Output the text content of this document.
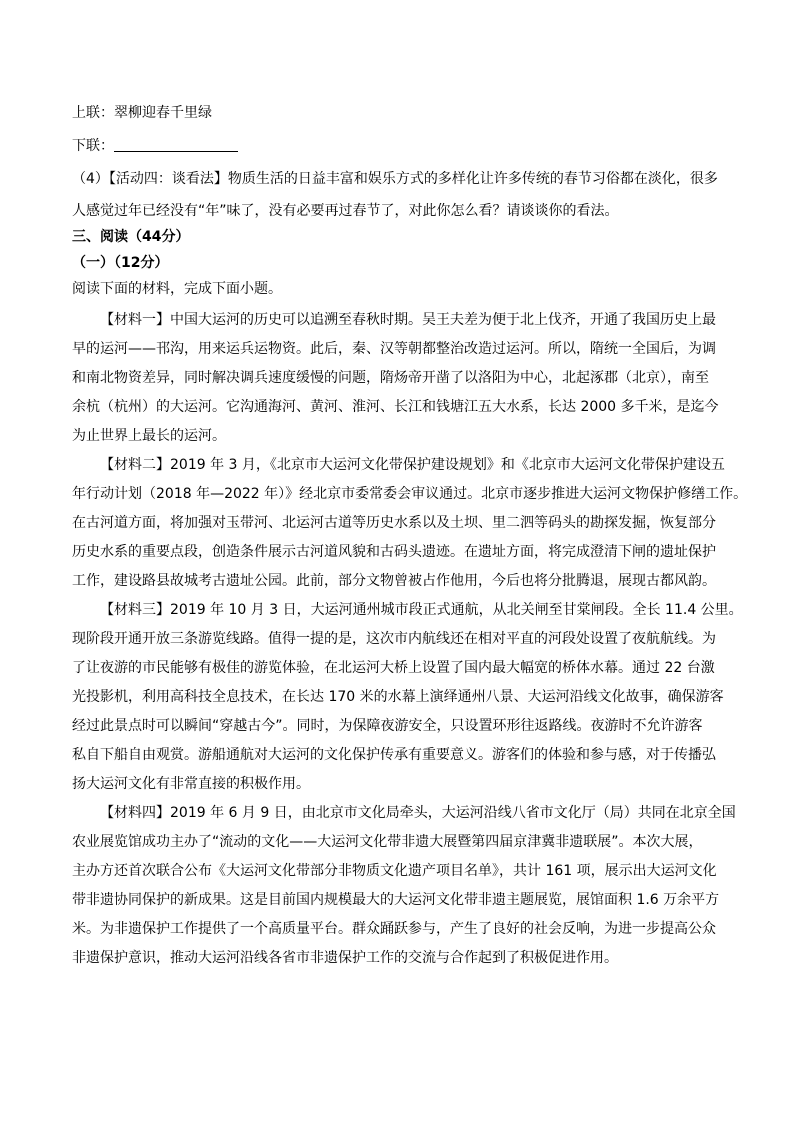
上联：翠柳迎春千里绿
下联：
（4）【活动四：谈看法】物质生活的日益丰富和娱乐方式的多样化让许多传统的春节习俗都在淡化，很多
人感觉过年已经没有“年”味了，没有必要再过春节了，对此你怎么看？请谈谈你的看法。
三、阅读（44分）
（一）（12分）
阅读下面的材料，完成下面小题。
【材料一】中国大运河的历史可以追溯至春秋时期。吴王夫差为便于北上伐齐，开通了我国历史上最
早的运河——邗沟，用来运兵运物资。此后，秦、汉等朝都整治改造过运河。所以，隋统一全国后，为调
和南北物资差异，同时解决调兵速度缓慢的问题，隋炀帝开凿了以洛阳为中心，北起涿郡（北京），南至
余杭（杭州）的大运河。它沟通海河、黄河、淮河、长江和钱塘江五大水系，长达 2000 多千米，是迄今
为止世界上最长的运河。
【材料二】2019 年 3 月，《北京市大运河文化带保护建设规划》和《北京市大运河文化带保护建设五
年行动计划（2018 年—2022 年）》经北京市委常委会审议通过。北京市逐步推进大运河文物保护修缮工作。
在古河道方面，将加强对玉带河、北运河古道等历史水系以及土坝、里二泗等码头的勘探发掘，恢复部分
历史水系的重要点段，创造条件展示古河道风貌和古码头遗迹。在遗址方面，将完成澄清下闸的遗址保护
工作，建设路县故城考古遗址公园。此前，部分文物曾被占作他用，今后也将分批腾退，展现古都风韵。
【材料三】2019 年 10 月 3 日，大运河通州城市段正式通航，从北关闸至甘棠闸段。全长 11.4 公里。
现阶段开通开放三条游览线路。值得一提的是，这次市内航线还在相对平直的河段处设置了夜航航线。为
了让夜游的市民能够有极佳的游览体验，在北运河大桥上设置了国内最大幅宽的桥体水幕。通过 22 台激
光投影机，利用高科技全息技术，在长达 170 米的水幕上演绎通州八景、大运河沿线文化故事，确保游客
经过此景点时可以瞬间“穿越古今”。同时，为保障夜游安全，只设置环形往返路线。夜游时不允许游客
私自下船自由观赏。游船通航对大运河的文化保护传承有重要意义。游客们的体验和参与感，对于传播弘
扬大运河文化有非常直接的积极作用。
【材料四】2019 年 6 月 9 日，由北京市文化局牵头，大运河沿线八省市文化厅（局）共同在北京全国
农业展览馆成功主办了“流动的文化——大运河文化带非遗大展暨第四届京津冀非遗联展”。本次大展，
主办方还首次联合公布《大运河文化带部分非物质文化遗产项目名单》，共计 161 项，展示出大运河文化
带非遗协同保护的新成果。这是目前国内规模最大的大运河文化带非遗主题展览，展馆面积 1.6 万余平方
米。为非遗保护工作提供了一个高质量平台。群众踊跃参与，产生了良好的社会反响，为进一步提高公众
非遗保护意识，推动大运河沿线各省市非遗保护工作的交流与合作起到了积极促进作用。
